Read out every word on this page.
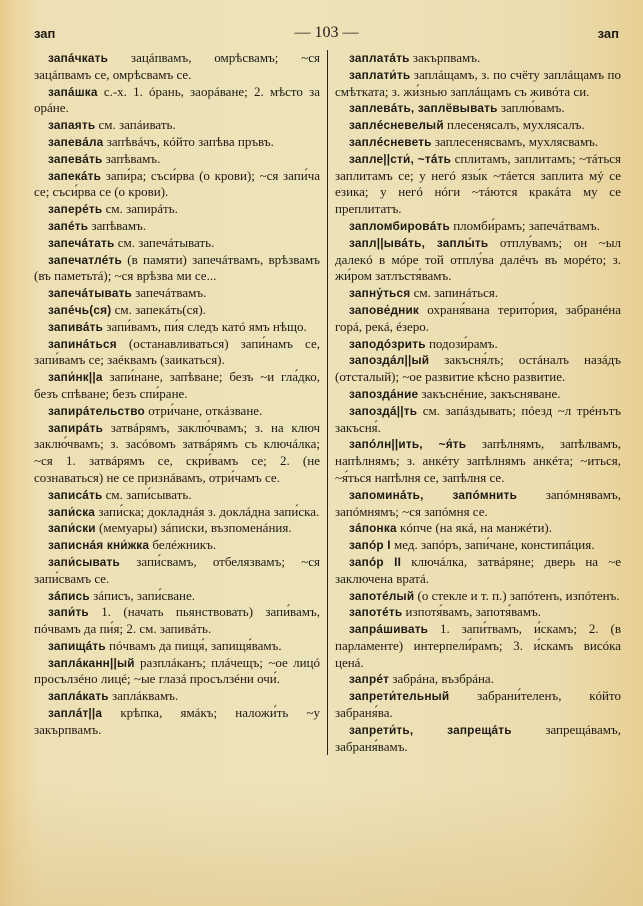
зап	— 103 —	зап

запáчкать зацáпвамъ, омрѣсвамъ; ~ся зацáпвамъ се, омрѣсвамъ се.

запáшка с.-х. 1. óрань, заорáване; 2. мѣсто за орáне.

запаять см. запáивать.

запевáла запѣвáчъ, кóйто запѣва пръвъ.

запевáть запѣвамъ.

запекáть запи́ра; съси́рва (о крови); ~ся запи́ча се; съси́рва се (о крови).

заперéть см. запирáть.

запéть запѣвамъ.

запечáтать см. запечáтывать.

запечатлéть (в памяти) запечáтвамъ, врѣзвамъ (въ паметьтá); ~ся врѣзва ми се...

запечáтывать запечáтвамъ.

запéчь(ся) см. запекáть(ся).

запивáть запи́вамъ, пи́я следъ катó ямъ нѣщо.

запинáться (останавливаться) запи́намъ се, запи́вамъ се; заéквамъ (заикаться).

запи́нк||а запи́нане, запѣване; безъ ~и гла́дко, безъ спѣване; безъ спи́ране.

запирáтельство отри́чане, откáзване.

запирáть затвáрямъ, заклю́чвамъ; з. на ключ заклю́чвамъ; з. засóвомъ затвáрямъ съ ключáлка; ~ся 1. затвáрямъ се, скри́вамъ се; 2. (не сознаваться) не се признáвамъ, отри́чамъ се.

записáть см. запи́сывать.

запи́ска запи́ска; докладнáя з. доклáдна запи́ска.

запи́ски (мемуары) зáписки, възпоменáния.

записнáя кни́жка белéжникъ.

запи́сывать запи́свамъ, отбелязвамъ; ~ся запи́свамъ се.

зáпись зáписъ, запи́сване.

запи́ть 1. (начать пьянствовать) запи́вамъ, пóчвамъ да пи́я; 2. см. запивáть.

запищáть пóчвамъ да пищя́, запищя́вамъ.

заплáканн||ый разплáканъ; плáчещъ; ~ое лицó просълзéно лицé; ~ые глазá просълзéни очи́.

заплáкать заплáквамъ.

заплáт||а крѣпка, ямáкъ; наложи́ть ~у закърпвамъ.

заплатáть закърпвамъ.

заплати́ть заплáщамъ, з. по счёту заплáщамъ по смѣтката; з. жи́знью заплáщамъ съ живóта си.

заплевáть, заплёвывать заплю́вамъ.

заплéсневелый плесенясалъ, мухлясалъ.

заплéсневеть заплесенясвамъ, мухлясвамъ.

запле||сти́, ~тáть сплитамъ, заплитамъ; ~тáться заплитамъ се; у негó язы́к ~тáется заплита мý се езика; у негó нóги ~тáются кракáта му се преплитатъ.

запломбировáть пломби́рамъ; запечáтвамъ.

запл||ывáть, заплы́ть отплу́вамъ; он ~ыл далекó в мóре той отплу́ва далéчъ въ морéто; з. жи́ром затлъстя́вамъ.

запну́ться см. запинáться.

запове́дник охраня́вана терито́рия, забранéна горá, рекá, éзеро.

заподóзрить подози́рамъ.

запоздáл||ый закъсня́лъ; остáналъ назáдъ (отсталый); ~ое развитие кѣсно развитие.

запоздáние закъснéние, закъсняване.

запоздá||ть см. запáздывать; пóезд ~л трéнътъ закъсня́.

запóлн||ить, ~я́ть запѣлнямъ, запѣлвамъ, напѣлнямъ; з. анкéту запѣлнямъ анкéта; ~иться, ~я́ться напѣлня се, запѣлня се.

запоминáть, запóмнить запóмнявамъ, запóмнямъ; ~ся запóмня се.

зáпонка кóпче (на якá, на манжéти).

запóр I мед. запóръ, запи́чане, констипáция.

запóр II ключáлка, затвáряне; дверь на ~е заключена вратá.

запотéлый (о стекле и т. п.) запóтенъ, изпóтенъ.

запотéть изпотя́вамъ, запотя́вамъ.

запрáшивать 1. запи́твамъ, и́скамъ; 2. (в парламенте) интерпели́рамъ; 3. и́скамъ висóка ценá.

запрéт забрáна, възбрáна.

запрети́тельный забрани́теленъ, кóйто забраня́ва.

запрети́ть, запрещáть запрещáвамъ, забраня́вамъ.
